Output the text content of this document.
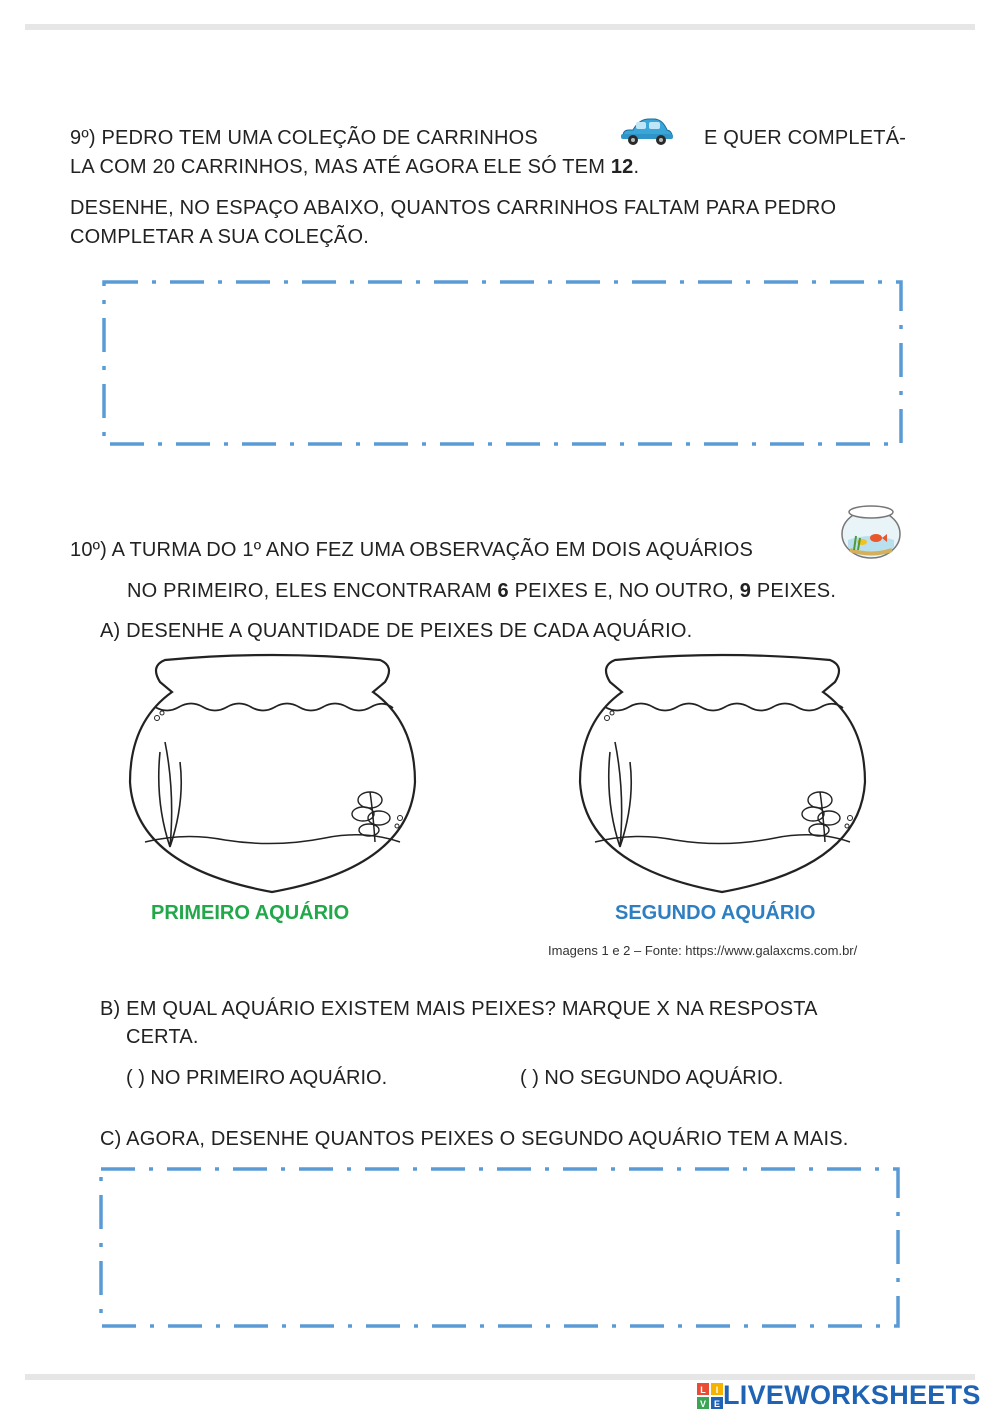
9º) PEDRO TEM UMA COLEÇÃO DE CARRINHOS	E QUER COMPLETÁ-
LA COM 20 CARRINHOS, MAS ATÉ AGORA ELE SÓ TEM 12.
DESENHE, NO ESPAÇO ABAIXO, QUANTOS CARRINHOS FALTAM PARA PEDRO
COMPLETAR A SUA COLEÇÃO.
10º) A TURMA DO 1º ANO FEZ UMA OBSERVAÇÃO EM DOIS AQUÁRIOS
NO PRIMEIRO, ELES ENCONTRARAM 6 PEIXES E, NO OUTRO, 9 PEIXES.
A) DESENHE A QUANTIDADE DE PEIXES DE CADA AQUÁRIO.
PRIMEIRO AQUÁRIO	SEGUNDO AQUÁRIO
Imagens 1 e 2 – Fonte: https://www.galaxcms.com.br/
B) EM QUAL AQUÁRIO EXISTEM MAIS PEIXES? MARQUE X NA RESPOSTA
CERTA.
( ) NO PRIMEIRO AQUÁRIO.	( ) NO SEGUNDO AQUÁRIO.
C) AGORA, DESENHE QUANTOS PEIXES O SEGUNDO AQUÁRIO TEM A MAIS.
L I
V E LIVEWORKSHEETS
